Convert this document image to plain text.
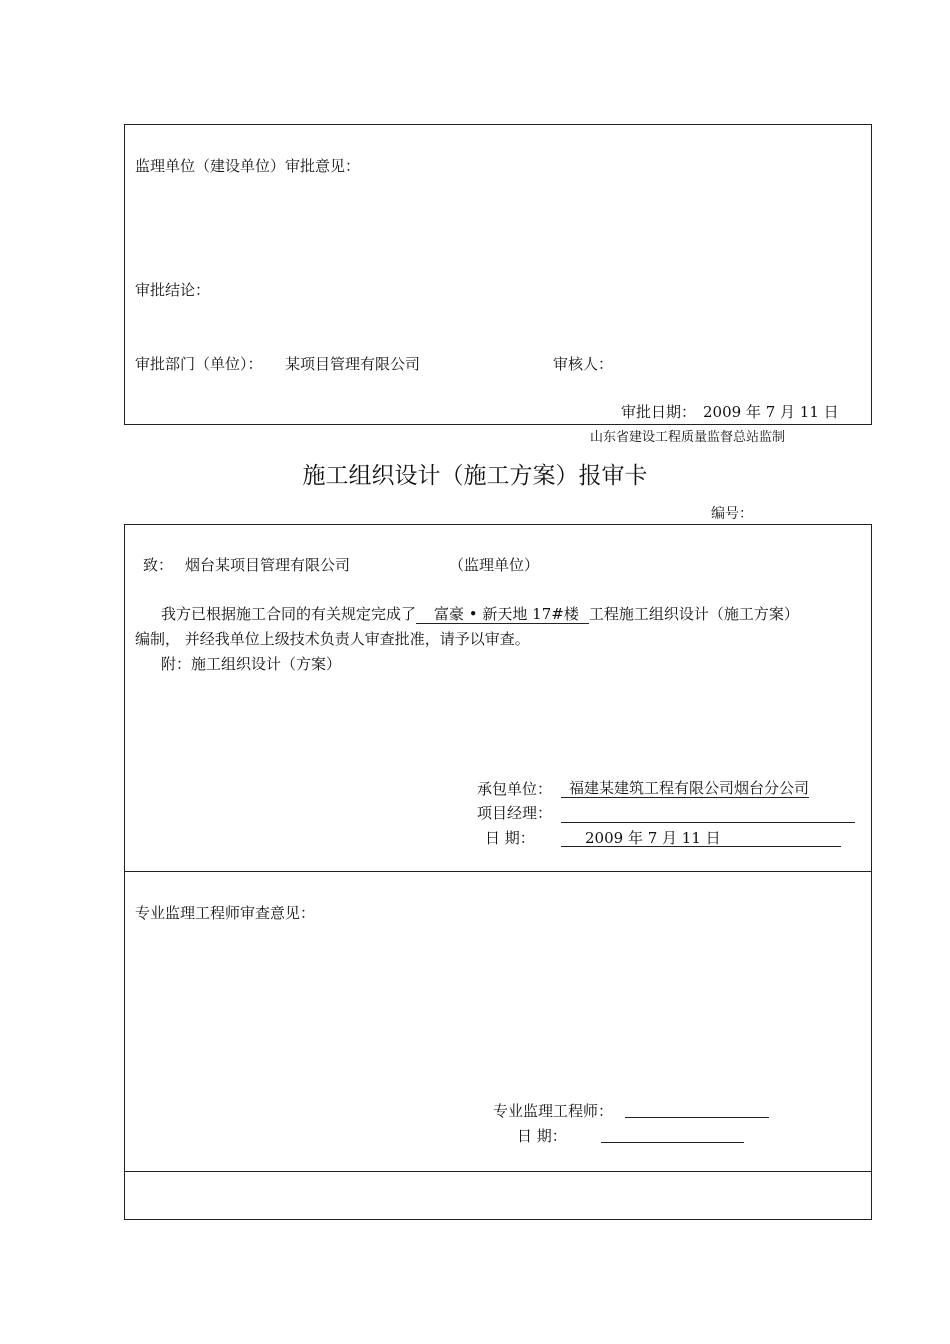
监理单位（建设单位）审批意见：
审批结论：
审批部门（单位）： 某项目管理有限公司	审核人：
审批日期： 2009 年 7 月 11 日
山东省建设工程质量监督总站监制
施工组织设计（施工方案）报审卡
编号：
致： 烟台某项目管理有限公司	（监理单位）
我方已根据施工合同的有关规定完成了 富豪 • 新天地 17#楼 工程施工组织设计（施工方案）
编制， 并经我单位上级技术负责人审查批准，请予以审查。
附：施工组织设计（方案）
承包单位：	福建某建筑工程有限公司烟台分公司
项目经理：
日 期：	2009 年 7 月 11 日
专业监理工程师审查意见：
专业监理工程师：
日 期：
